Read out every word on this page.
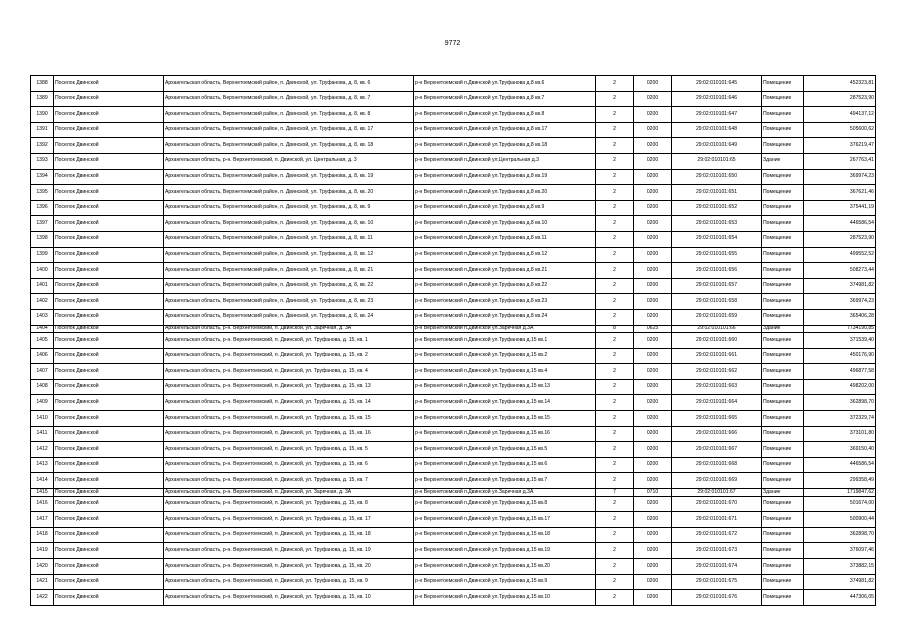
9772
1388	Поселок Двинской	Архангельская область, Верхнетоемский район, п. Двинской, ул. Труфанова, д. 8, кв. 6	р-н Верхнетоемский п.Двинской ул.Труфанова д.8 кв.6	2	0200	29:02:010101:645	Помещение	452323,81
1389	Поселок Двинской	Архангельская область, Верхнетоемский район, п. Двинской, ул. Труфанова, д. 8, кв. 7	р-н Верхнетоемский п.Двинской ул.Труфанова д.8 кв.7	2	0200	29:02:010101:646	Помещение	287523,90
1390	Поселок Двинской	Архангельская область, Верхнетоемский район, п. Двинской, ул. Труфанова, д. 8, кв. 8	р-н Верхнетоемский п.Двинской ул.Труфанова д.8 кв.8	2	0200	29:02:010101:647	Помещение	494137,12
1391	Поселок Двинской	Архангельская область, Верхнетоемский район, п. Двинской, ул. Труфанова, д. 8, кв. 17	р-н Верхнетоемский п.Двинской ул.Труфанова д.8 кв.17	2	0200	29:02:010101:648	Помещение	505600,62
1392	Поселок Двинской	Архангельская область, Верхнетоемский район, п. Двинской, ул. Труфанова, д. 8, кв. 18	р-н Верхнетоемский п.Двинской ул.Труфанова д.8 кв.18	2	0200	29:02:010101:649	Помещение	376219,47
1393	Поселок Двинской	Архангельская область, р-н. Верхнетоемский, п. Двинской, ул. Центральная, д. 3	р-н Верхнетоемский п.Двинской ул.Центральная д.3	2	0200	29:02:010101:65	Здание	267763,41
1394	Поселок Двинской	Архангельская область, Верхнетоемский район, п. Двинской, ул. Труфанова, д. 8, кв. 19	р-н Верхнетоемский п.Двинской ул.Труфанова д.8 кв.19	2	0200	29:02:010101:650	Помещение	369974,23
1395	Поселок Двинской	Архангельская область, Верхнетоемский район, п. Двинской, ул. Труфанова, д. 8, кв. 20	р-н Верхнетоемский п.Двинской ул.Труфанова д.8 кв.20	2	0200	29:02:010101:651	Помещение	367621,46
1396	Поселок Двинской	Архангельская область, Верхнетоемский район, п. Двинской, ул. Труфанова, д. 8, кв. 9	р-н Верхнетоемский п.Двинской ул.Труфанова д.8 кв.9	2	0200	29:02:010101:652	Помещение	375441,19
1397	Поселок Двинской	Архангельская область, Верхнетоемский район, п. Двинской, ул. Труфанова, д. 8, кв. 10	р-н Верхнетоемский п.Двинской ул.Труфанова д.8 кв.10	2	0200	29:02:010101:653	Помещение	446586,54
1398	Поселок Двинской	Архангельская область, Верхнетоемский район, п. Двинской, ул. Труфанова, д. 8, кв. 11	р-н Верхнетоемский п.Двинской ул.Труфанова д.8 кв.11	2	0200	29:02:010101:654	Помещение	287523,90
1399	Поселок Двинской	Архангельская область, Верхнетоемский район, п. Двинской, ул. Труфанова, д. 8, кв. 12	р-н Верхнетоемский п.Двинской ул.Труфанова д.8 кв.12	2	0200	29:02:010101:655	Помещение	499552,52
1400	Поселок Двинской	Архангельская область, Верхнетоемский район, п. Двинской, ул. Труфанова, д. 8, кв. 21	р-н Верхнетоемский п.Двинской ул.Труфанова д.8 кв.21	2	0200	29:02:010101:656	Помещение	508273,44
1401	Поселок Двинской	Архангельская область, Верхнетоемский район, п. Двинской, ул. Труфанова, д. 8, кв. 22	р-н Верхнетоемский п.Двинской ул.Труфанова д.8 кв.22	2	0200	29:02:010101:657	Помещение	374981,82
1402	Поселок Двинской	Архангельская область, Верхнетоемский район, п. Двинской, ул. Труфанова, д. 8, кв. 23	р-н Верхнетоемский п.Двинской ул.Труфанова д.8 кв.23	2	0200	29:02:010101:658	Помещение	369974,23
1403	Поселок Двинской	Архангельская область, Верхнетоемский район, п. Двинской, ул. Труфанова, д. 8, кв. 24	р-н Верхнетоемский п.Двинской ул.Труфанова д.8 кв.24	2	0200	29:02:010101:659	Помещение	365406,28
1404	Поселок Двинской	Архангельская область, р-н. Верхнетоемский, п. Двинской, ул. Заречная, д. 3А	р-н Верхнетоемский п.Двинской ул.Заречная д.3А	8	0625	29:02:010101:66	Здание	7734190,85
1405	Поселок Двинской	Архангельская область, р-н. Верхнетоемский, п. Двинской, ул. Труфанова, д. 15, кв. 1	р-н Верхнетоемский п.Двинской ул.Труфанова д.15 кв.1	2	0200	29:02:010101:660	Помещение	371539,40
1406	Поселок Двинской	Архангельская область, р-н. Верхнетоемский, п. Двинской, ул. Труфанова, д. 15, кв. 2	р-н Верхнетоемский п.Двинской ул.Труфанова д.15 кв.2	2	0200	29:02:010101:661	Помещение	450176,90
1407	Поселок Двинской	Архангельская область, р-н. Верхнетоемский, п. Двинской, ул. Труфанова, д. 15, кв. 4	р-н Верхнетоемский п.Двинской ул.Труфанова д.15 кв.4	2	0200	29:02:010101:662	Помещение	496877,58
1408	Поселок Двинской	Архангельская область, р-н. Верхнетоемский, п. Двинской, ул. Труфанова, д. 15, кв. 13	р-н Верхнетоемский п.Двинской ул.Труфанова д.15 кв.13	2	0200	29:02:010101:663	Помещение	498202,00
1409	Поселок Двинской	Архангельская область, р-н. Верхнетоемский, п. Двинской, ул. Труфанова, д. 15, кв. 14	р-н Верхнетоемский п.Двинской ул.Труфанова д.15 кв.14	2	0200	29:02:010101:664	Помещение	362898,70
1410	Поселок Двинской	Архангельская область, р-н. Верхнетоемский, п. Двинской, ул. Труфанова, д. 15, кв. 15	р-н Верхнетоемский п.Двинской ул.Труфанова д.15 кв.15	2	0200	29:02:010101:665	Помещение	372329,74
1411	Поселок Двинской	Архангельская область, р-н. Верхнетоемский, п. Двинской, ул. Труфанова, д. 15, кв. 16	р-н Верхнетоемский п.Двинской ул.Труфанова д.15 кв.16	2	0200	29:02:010101:666	Помещение	373101,80
1412	Поселок Двинской	Архангельская область, р-н. Верхнетоемский, п. Двинской, ул. Труфанова, д. 15, кв. 5	р-н Верхнетоемский п.Двинской ул.Труфанова д.15 кв.5	2	0200	29:02:010101:667	Помещение	369150,40
1413	Поселок Двинской	Архангельская область, р-н. Верхнетоемский, п. Двинской, ул. Труфанова, д. 15, кв. 6	р-н Верхнетоемский п.Двинской ул.Труфанова д.15 кв.6	2	0200	29:02:010101:668	Помещение	446586,54
1414	Поселок Двинской	Архангельская область, р-н. Верхнетоемский, п. Двинской, ул. Труфанова, д. 15, кв. 7	р-н Верхнетоемский п.Двинской ул.Труфанова д.15 кв.7	2	0200	29:02:010101:669	Помещение	299358,49
1415	Поселок Двинской	Архангельская область, р-н. Верхнетоемский, п. Двинской, ул. Заречная, д. 3А	р-н Верхнетоемский п.Двинской ул.Заречная д.3А	7	0710	29:02:010101:67	Здание	1719847,62
1416	Поселок Двинской	Архангельская область, р-н. Верхнетоемский, п. Двинской, ул. Труфанова, д. 15, кв. 8	р-н Верхнетоемский п.Двинской ул.Труфанова д.15 кв.8	2	0200	29:02:010101:670	Помещение	501674,00
1417	Поселок Двинской	Архангельская область, р-н. Верхнетоемский, п. Двинской, ул. Труфанова, д. 15, кв. 17	р-н Верхнетоемский п.Двинской ул.Труфанова д.15 кв.17	2	0200	29:02:010101:671	Помещение	500900,44
1418	Поселок Двинской	Архангельская область, р-н. Верхнетоемский, п. Двинской, ул. Труфанова, д. 15, кв. 18	р-н Верхнетоемский п.Двинской ул.Труфанова д.15 кв.18	2	0200	29:02:010101:672	Помещение	362898,70
1419	Поселок Двинской	Архангельская область, р-н. Верхнетоемский, п. Двинской, ул. Труфанова, д. 15, кв. 19	р-н Верхнетоемский п.Двинской ул.Труфанова д.15 кв.19	2	0200	29:02:010101:673	Помещение	376097,46
1420	Поселок Двинской	Архангельская область, р-н. Верхнетоемский, п. Двинской, ул. Труфанова, д. 15, кв. 20	р-н Верхнетоемский п.Двинской ул.Труфанова д.15 кв.20	2	0200	29:02:010101:674	Помещение	373882,15
1421	Поселок Двинской	Архангельская область, р-н. Верхнетоемский, п. Двинской, ул. Труфанова, д. 15, кв. 9	р-н Верхнетоемский п.Двинской ул.Труфанова д.15 кв.9	2	0200	29:02:010101:675	Помещение	374981,82
1422	Поселок Двинской	Архангельская область, р-н. Верхнетоемский, п. Двинской, ул. Труфанова, д. 15, кв. 10	р-н Верхнетоемский п.Двинской ул.Труфанова д.15 кв.10	2	0200	29:02:010101:676	Помещение	447306,05
